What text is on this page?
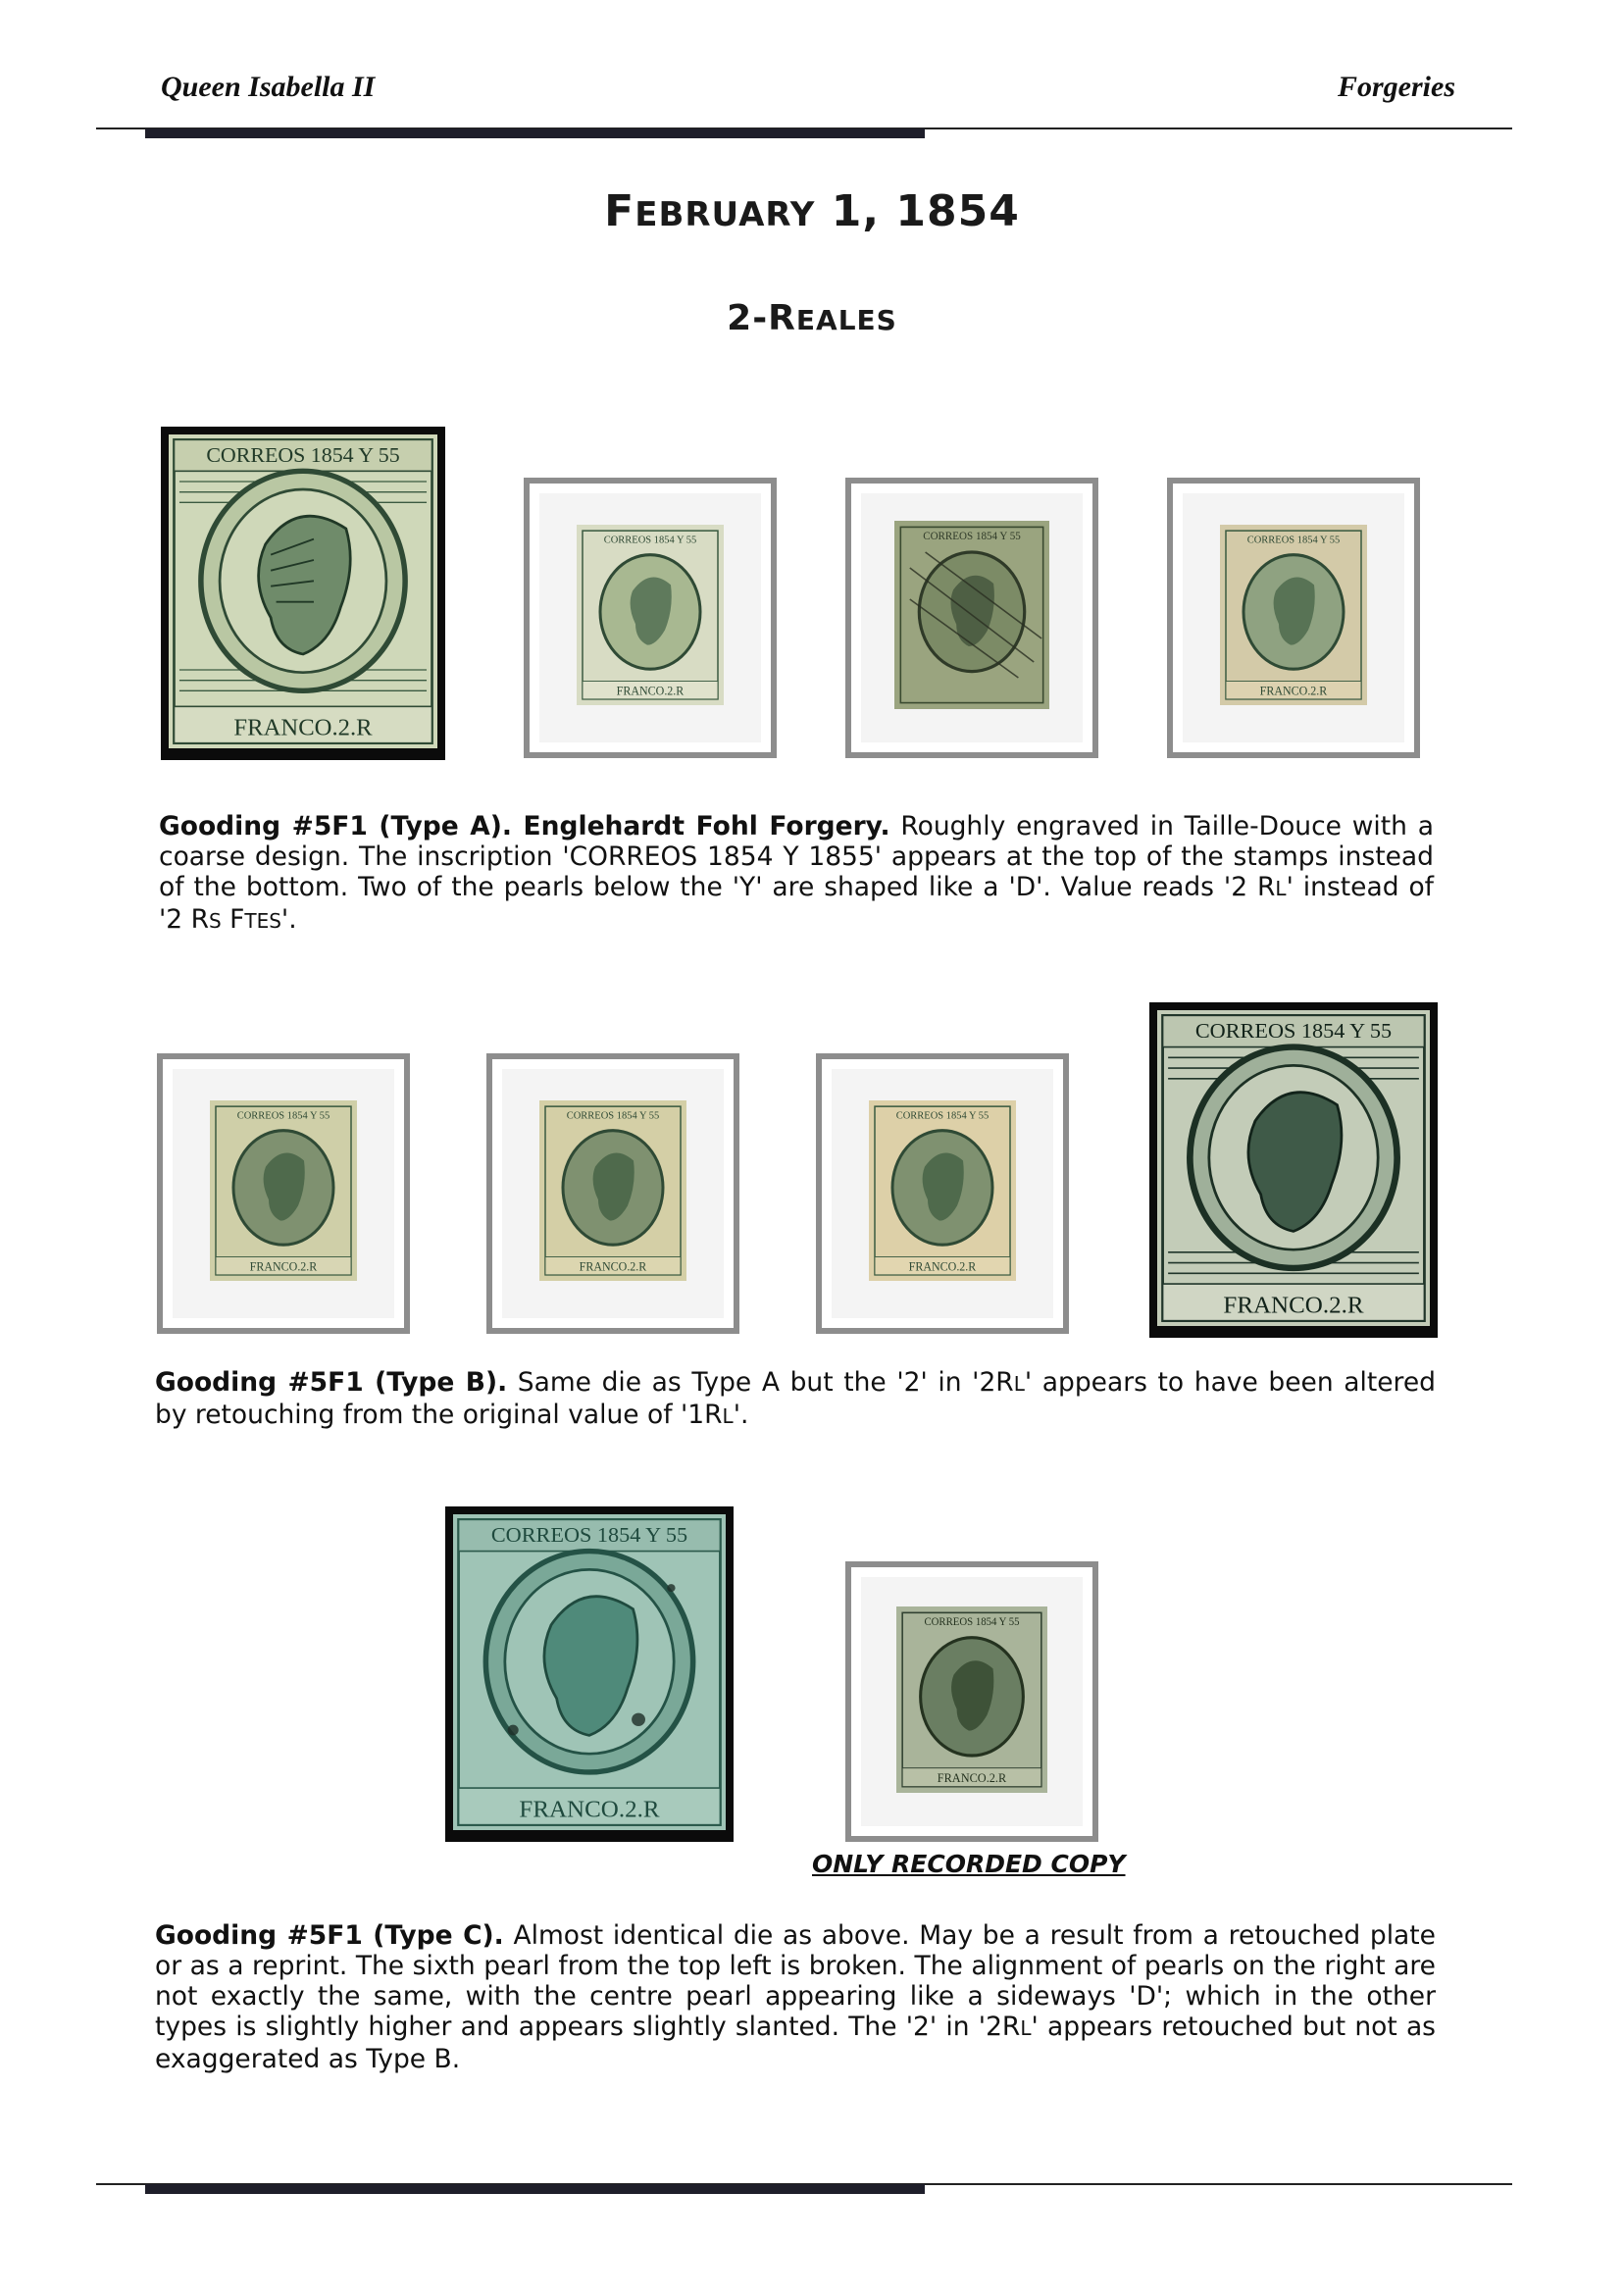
Queen Isabella II	Forgeries
FEBRUARY 1, 1854
2-REALES
CORREOS 1854 Y 55
FRANCO.2.R
CORREOS 1854 Y 55
FRANCO.2.R
CORREOS 1854 Y 55	CORREOS 1854 Y 55
FRANCO.2.R
Gooding #5F1 (Type A). Englehardt Fohl Forgery. Roughly engraved in Taille-Douce with a coarse design. The inscription 'CORREOS 1854 Y 1855' appears at the top of the stamps instead of the bottom. Two of the pearls below the 'Y' are shaped like a 'D'. Value reads '2 RL' instead of '2 RS FTES'.
CORREOS 1854 Y 55
FRANCO.2.R
CORREOS 1854 Y 55
FRANCO.2.R
CORREOS 1854 Y 55
FRANCO.2.R
CORREOS 1854 Y 55
FRANCO.2.R
Gooding #5F1 (Type B). Same die as Type A but the '2' in '2RL' appears to have been altered by retouching from the original value of '1RL'.
CORREOS 1854 Y 55
FRANCO.2.R
CORREOS 1854 Y 55
FRANCO.2.R
ONLY RECORDED COPY
Gooding #5F1 (Type C). Almost identical die as above. May be a result from a retouched plate or as a reprint. The sixth pearl from the top left is broken. The alignment of pearls on the right are not exactly the same, with the centre pearl appearing like a sideways 'D'; which in the other types is slightly higher and appears slightly slanted. The '2' in '2RL' appears retouched but not as exaggerated as Type B.
